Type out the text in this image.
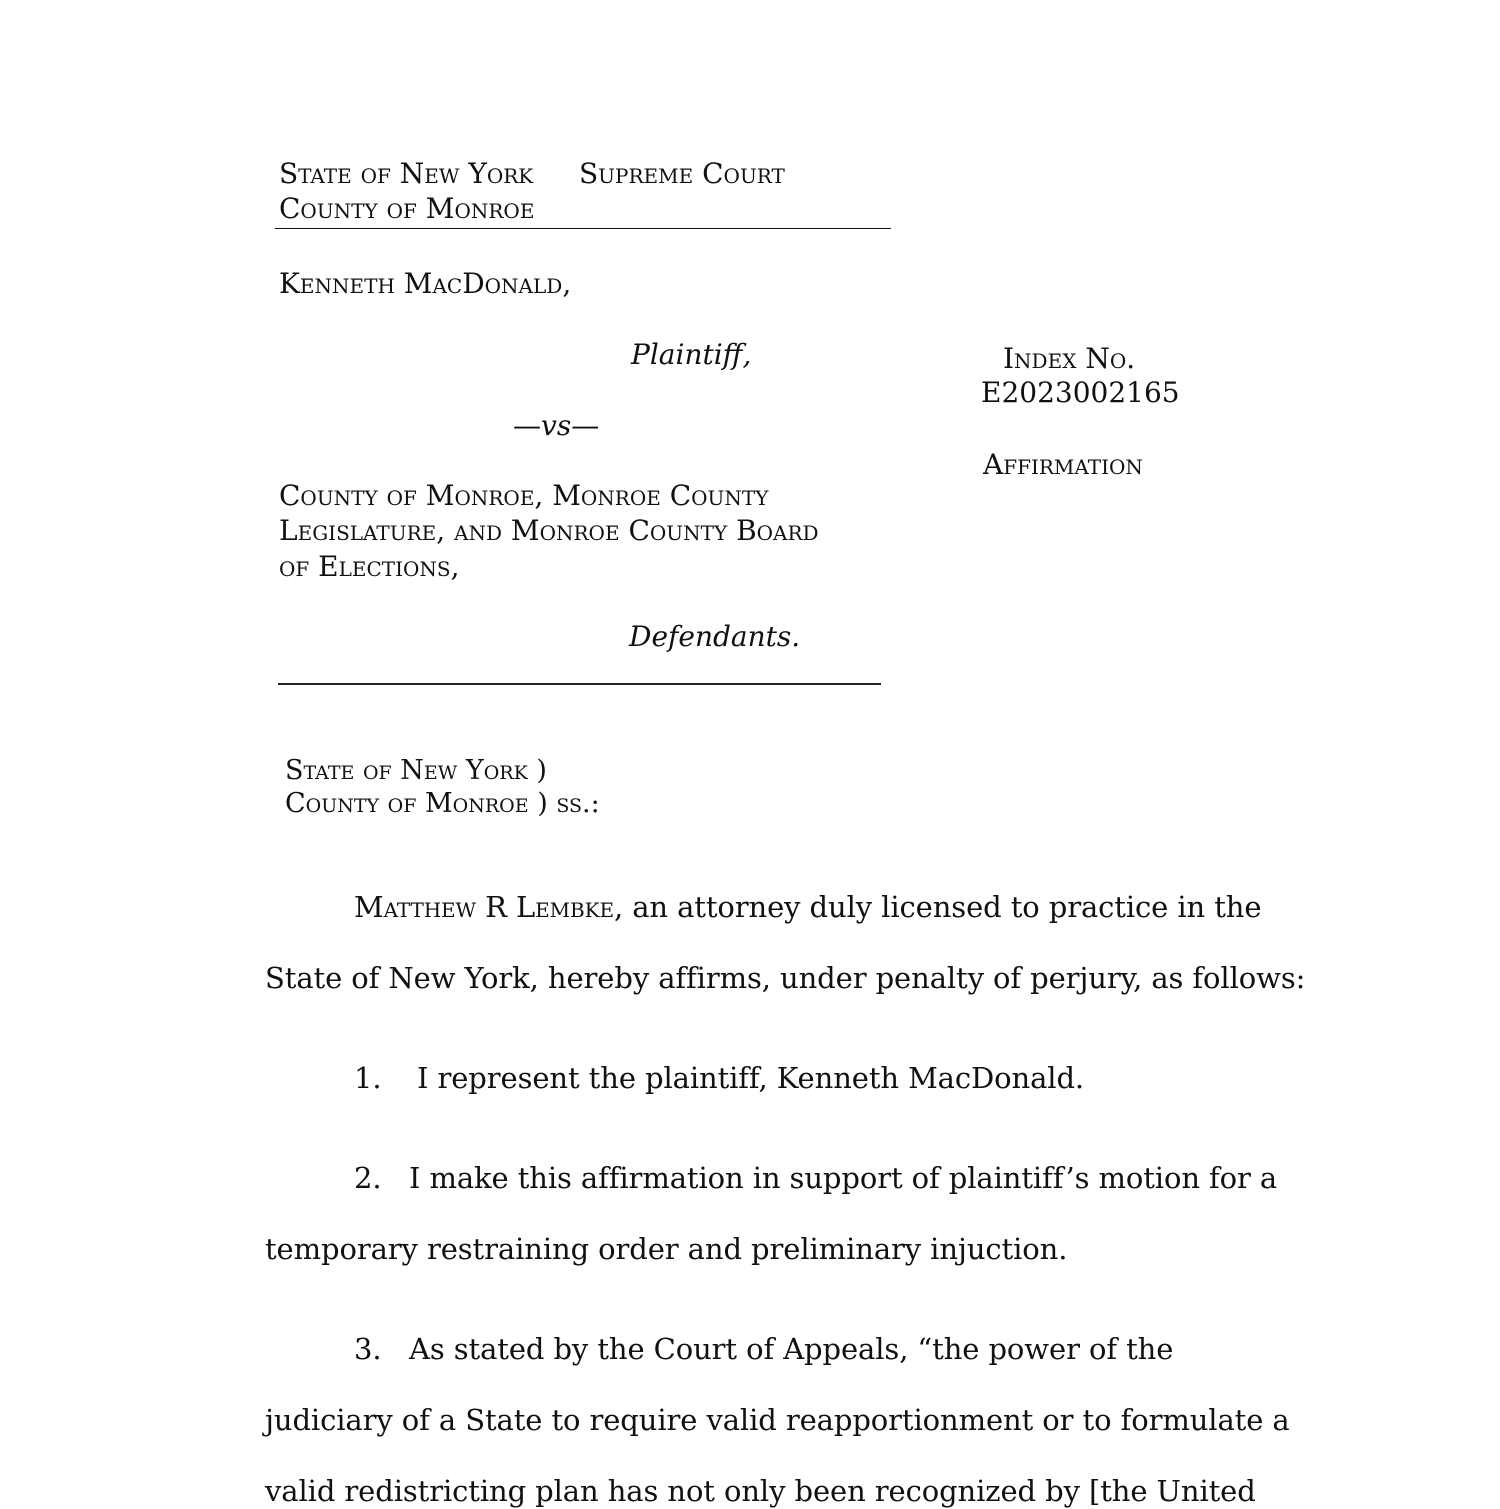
State of New York Supreme Court
County of Monroe
Kenneth MacDonald,
Plaintiff,
—vs—
County of Monroe, Monroe County
Legislature, and Monroe County Board
of Elections,
Defendants.
Index No.
E2023002165
Affirmation
State of New York )
County of Monroe ) ss.:
Matthew R Lembke, an attorney duly licensed to practice in the
State of New York, hereby affirms, under penalty of perjury, as follows:
1. I represent the plaintiff, Kenneth MacDonald.
2. I make this affirmation in support of plaintiff’s motion for a
temporary restraining order and preliminary injuction.
3. As stated by the Court of Appeals, “the power of the
judiciary of a State to require valid reapportionment or to formulate a
valid redistricting plan has not only been recognized by [the United
